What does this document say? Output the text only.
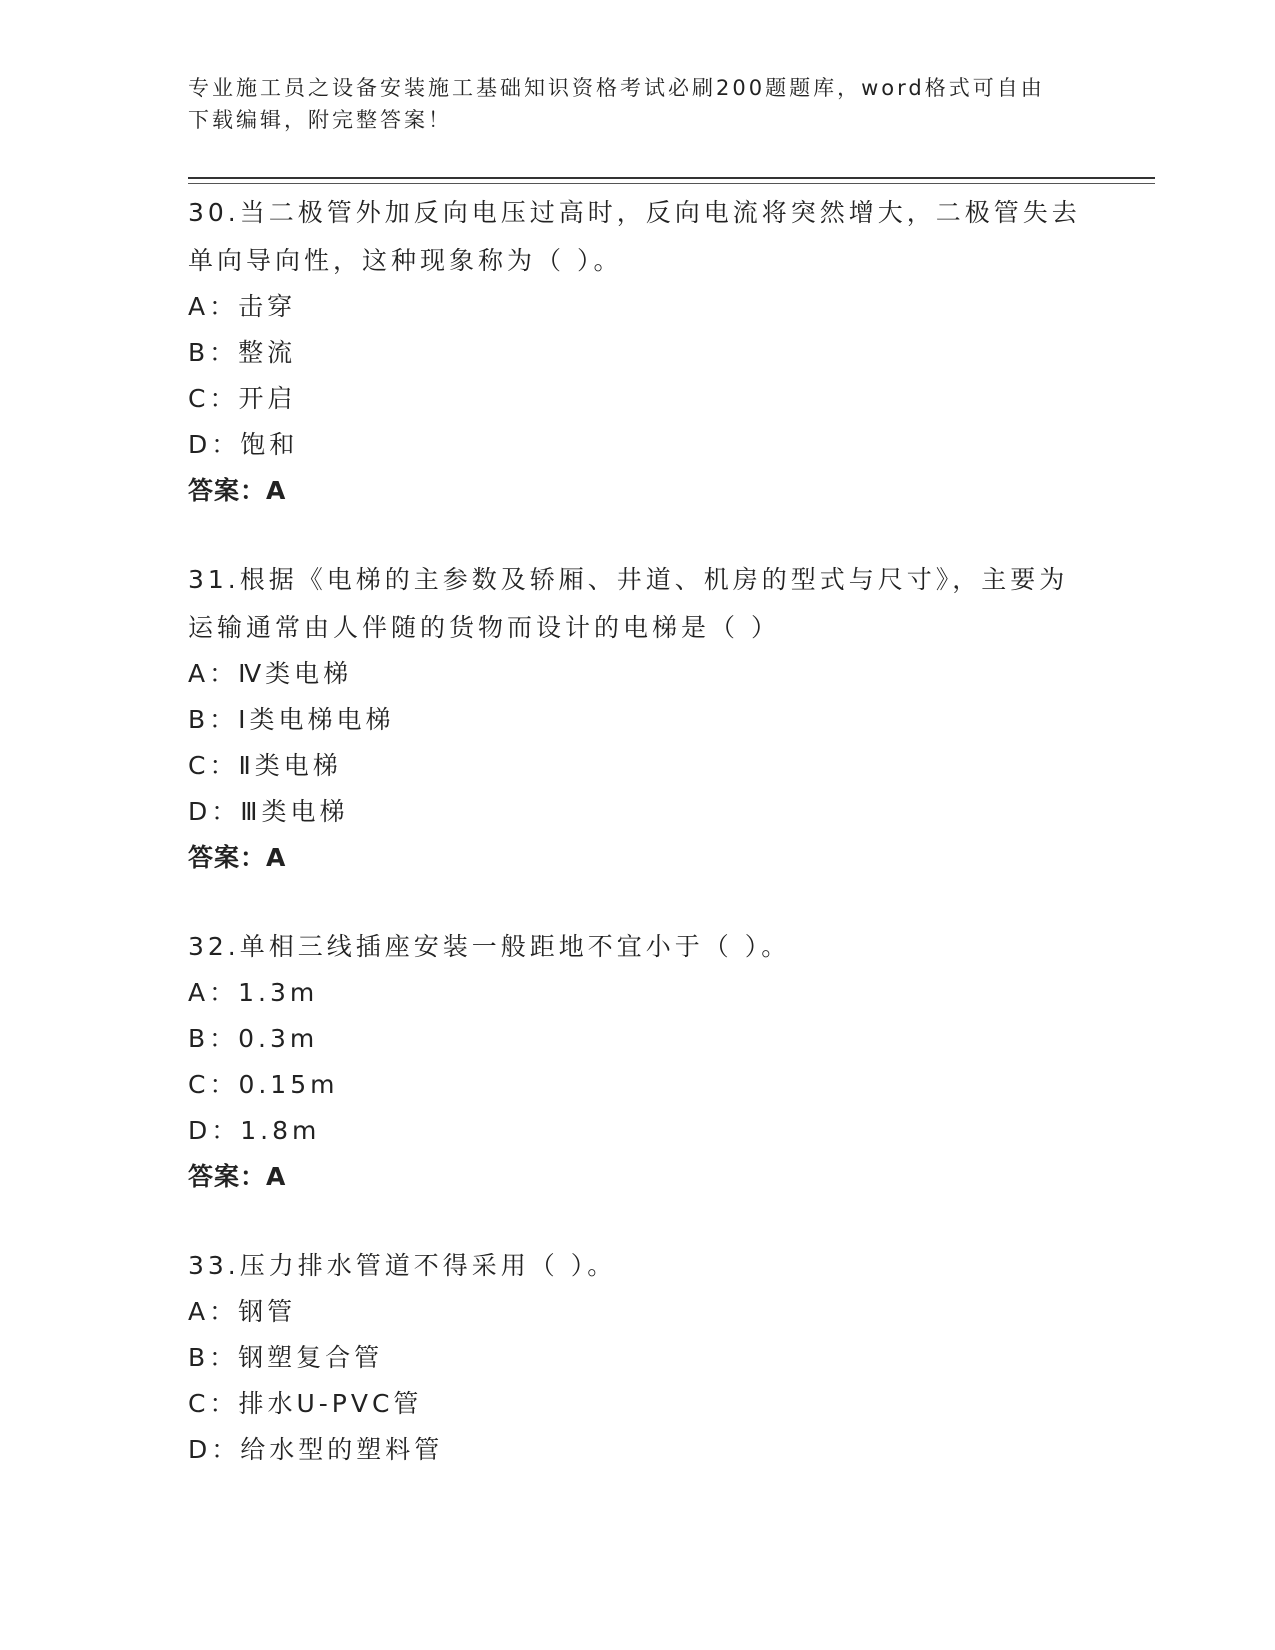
专业施工员之设备安装施工基础知识资格考试必刷200题题库，word格式可自由
下载编辑，附完整答案！
30.当二极管外加反向电压过高时，反向电流将突然增大，二极管失去
单向导向性，这种现象称为（ ）。
A：击穿
B：整流
C：开启
D：饱和
答案：A
31.根据《电梯的主参数及轿厢、井道、机房的型式与尺寸》，主要为
运输通常由人伴随的货物而设计的电梯是（ ）
A：Ⅳ类电梯
B：Ⅰ类电梯电梯
C：Ⅱ类电梯
D：Ⅲ类电梯
答案：A
32.单相三线插座安装一般距地不宜小于（ ）。
A：1.3m
B：0.3m
C：0.15m
D：1.8m
答案：A
33.压力排水管道不得采用（ ）。
A：钢管
B：钢塑复合管
C：排水U-PVC管
D：给水型的塑料管
